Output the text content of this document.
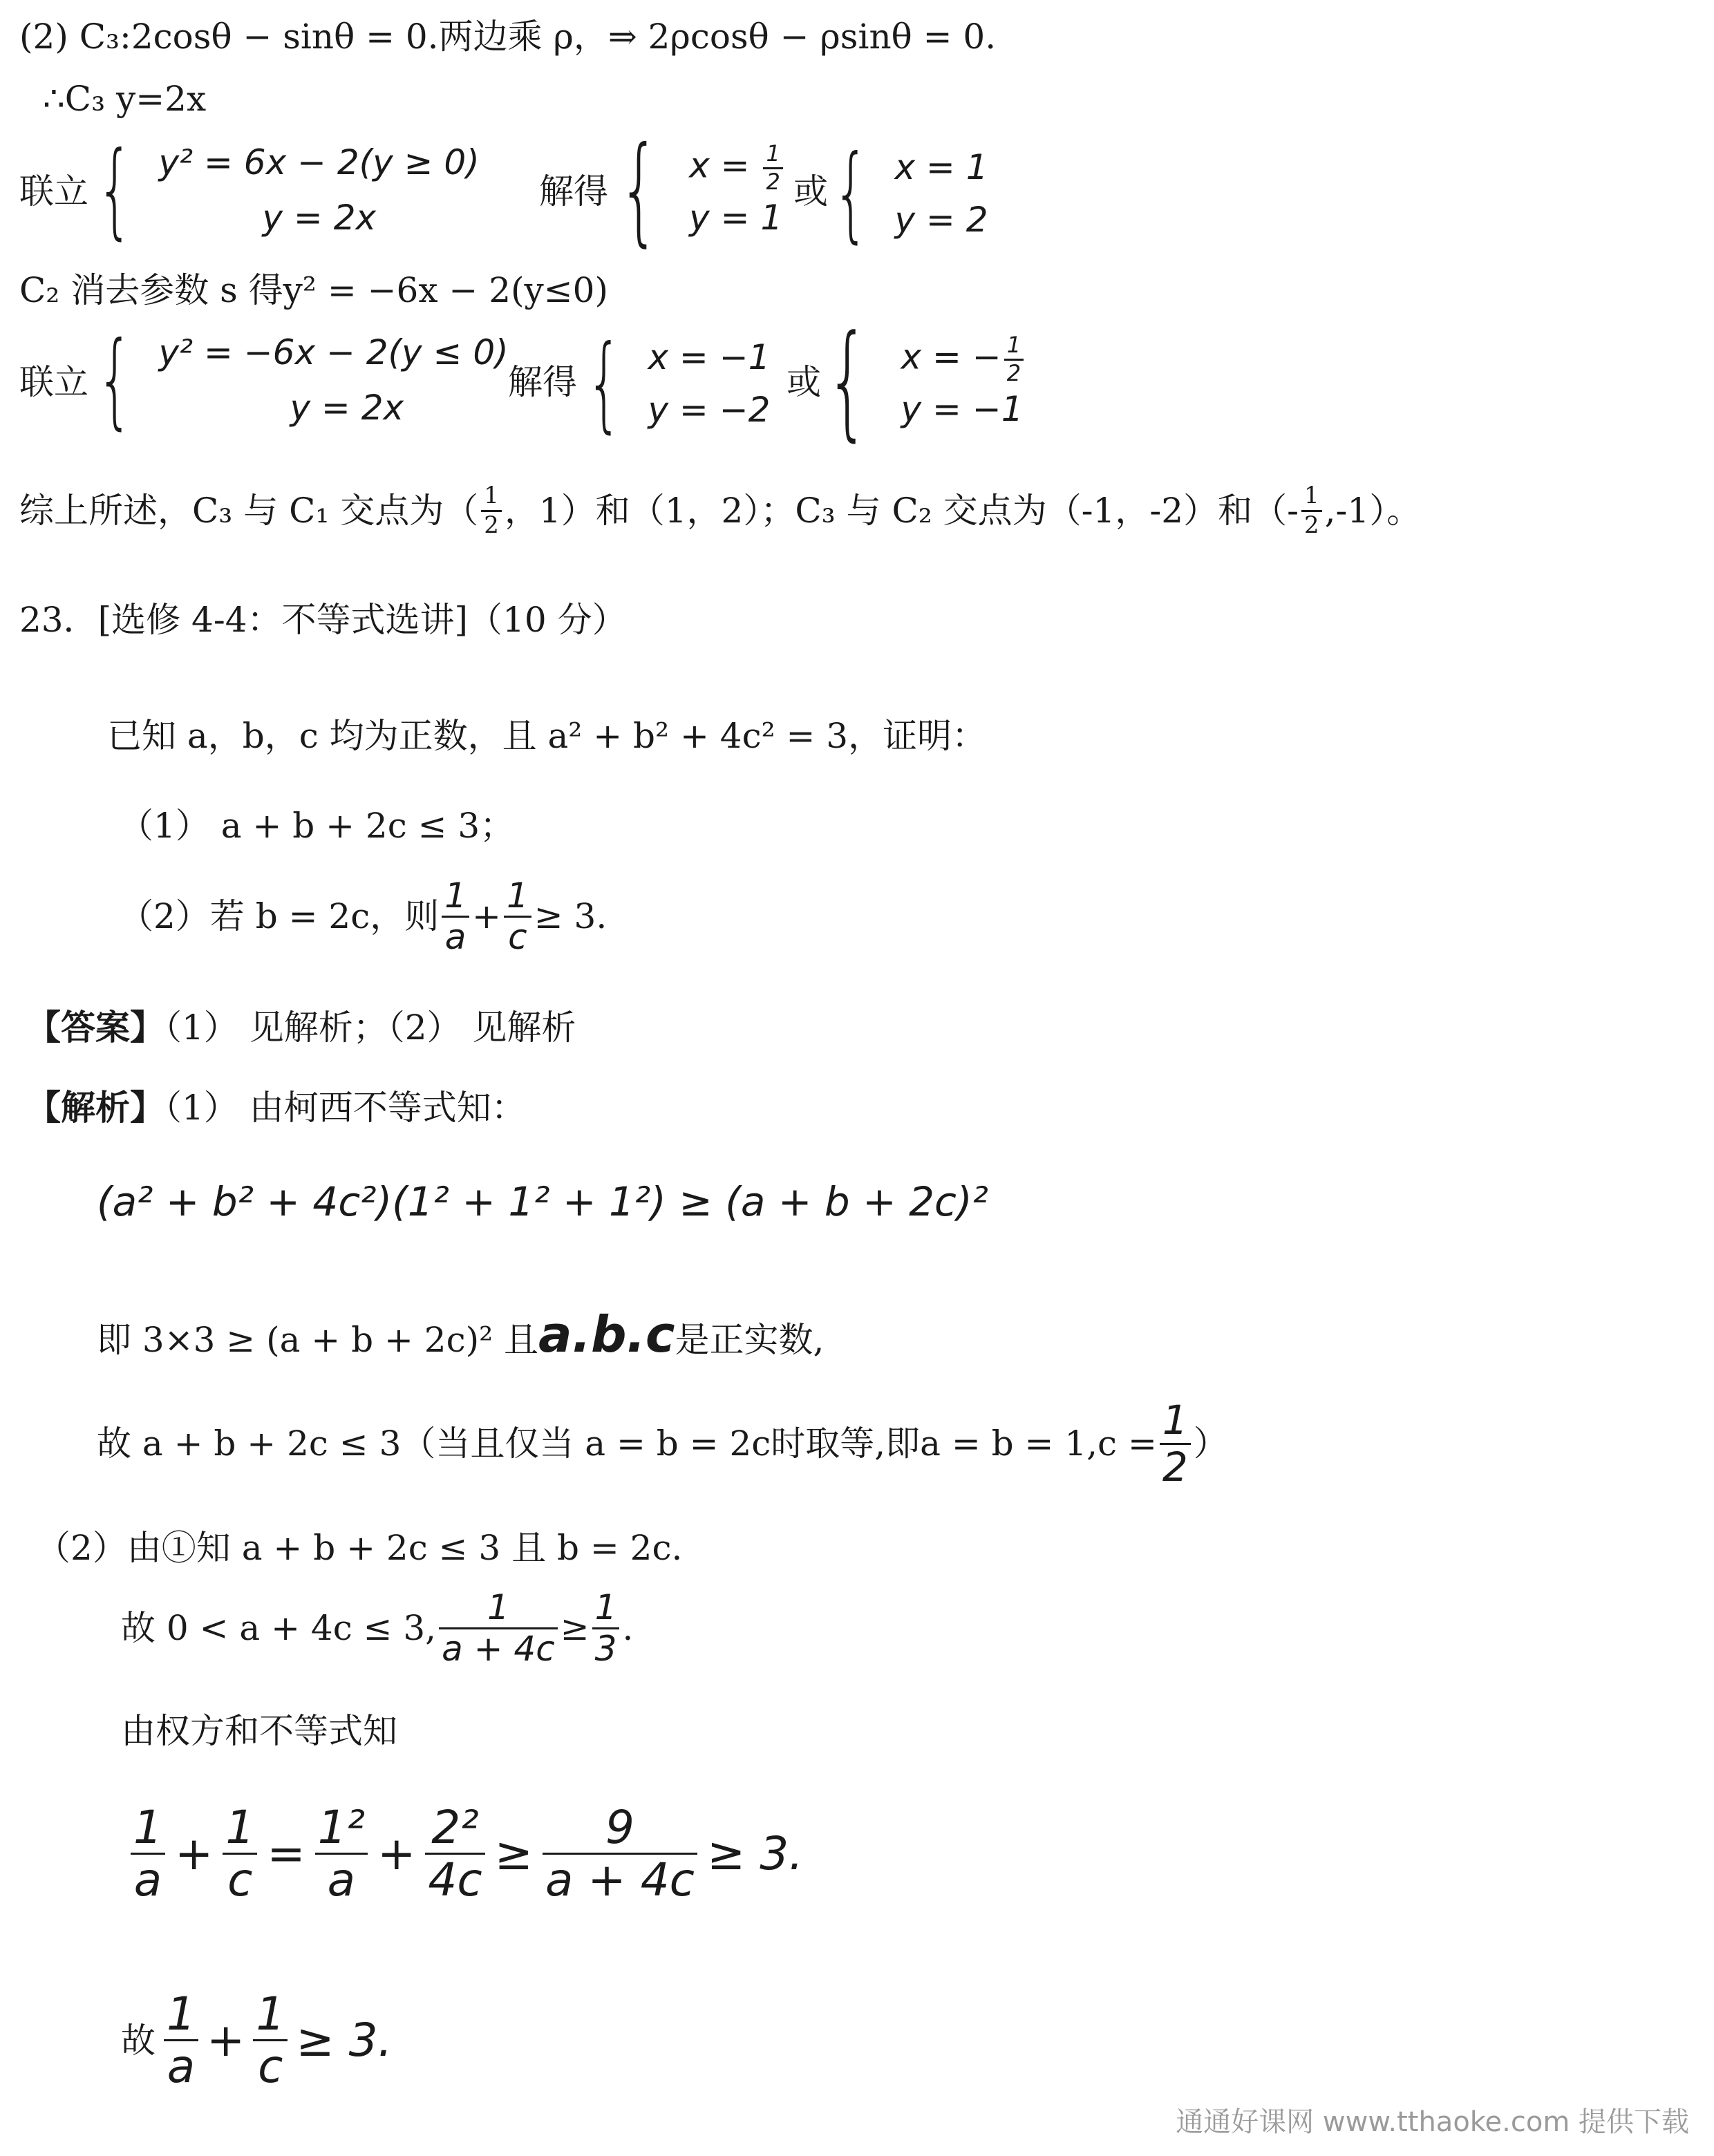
(2) C₃:2cosθ − sinθ = 0.两边乘 ρ，⇒ 2ρcosθ − ρsinθ = 0.
∴C₃ y=2x
联立 { y² = 6x − 2(y ≥ 0)
y = 2x
解得 { $x = \frac{1}{2}$
y = 1
或 { x = 1
y = 2
C₂ 消去参数 s 得y² = −6x − 2(y≤0)
联立 { y² = −6x − 2(y ≤ 0)
y = 2x
解得 { x = −1
y = −2
或 { x = − $\frac{1}{2}$
y = −1
综上所述，C₃ 与 C₁ 交点为（ $\frac{1}{2}$ ，1）和（1，2）；C₃ 与 C₂ 交点为（-1，-2）和（- $\frac{1}{2} ,-1$）。
23．[选修 4-4：不等式选讲]（10 分）
已知 a，b，c 均为正数，且 a² + b² + 4c² = 3，证明：
（1） a + b + 2c ≤ 3；
（2）若 b = 2c，则 $\frac{1}{a} + \frac{1}{c} \ge 3$.
【答案】（1） 见解析；（2） 见解析
【解析】（1） 由柯西不等式知：
(a² + b² + 4c²)(1² + 1² + 1²) ≥ (a + b + 2c)²
即 3×3 ≥ (a + b + 2c)² 且 a.b.c 是正实数,
故 a + b + 2c ≤ 3（当且仅当 a = b = 2c时取等,即$a = b = 1,c = \frac{1}{2}$ ）
（2）由①知 a + b + 2c ≤ 3 且 b = 2c.
故 0 < a + 4c ≤ 3, $\frac{1}{a + 4c} \ge \frac{1}{3}$ .
由权方和不等式知
$\frac{1}{a} + \frac{1}{c} = \frac{\text{1²}}{a} + \frac{\text{2²}}{4c} \ge \frac{9}{a + 4c} \ge 3$.
故 $\frac{1}{a} + \frac{1}{c} \ge 3$.
通通好课网 www.tthaoke.com 提供下载
